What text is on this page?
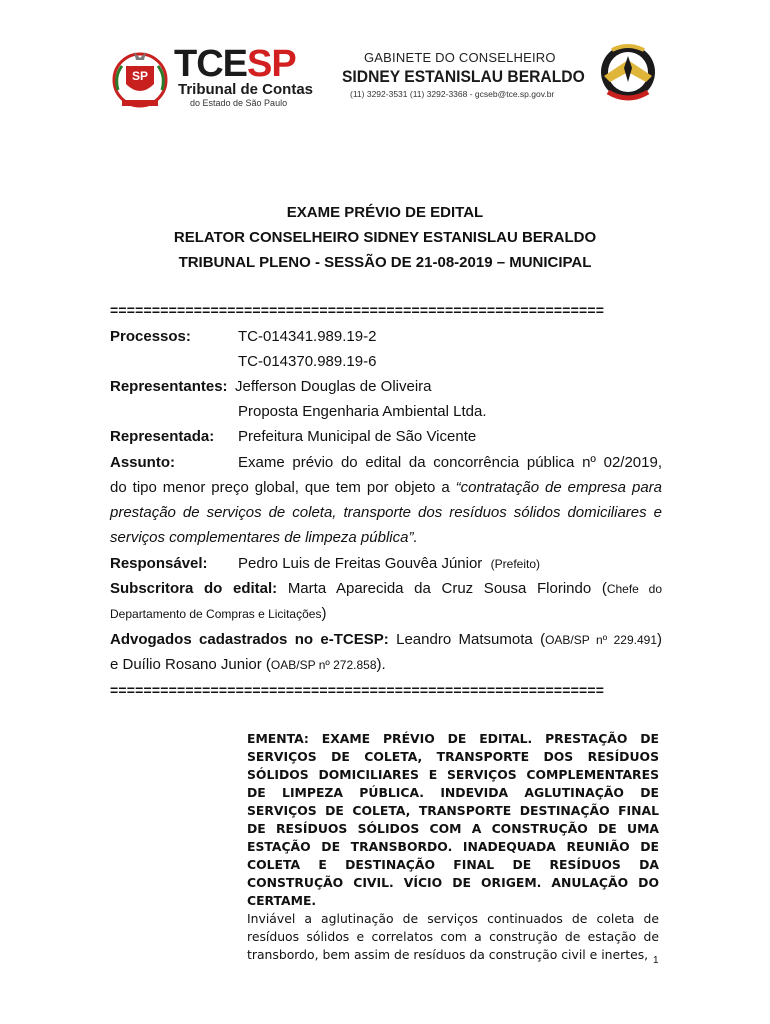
SP TCESP
Tribunal de Contas
do Estado de São Paulo
GABINETE DO CONSELHEIRO
SIDNEY ESTANISLAU BERALDO
(11) 3292-3531 (11) 3292-3368 - gcseb@tce.sp.gov.br
EXAME PRÉVIO DE EDITAL
RELATOR CONSELHEIRO SIDNEY ESTANISLAU BERALDO
TRIBUNAL PLENO - SESSÃO DE 21-08-2019 – MUNICIPAL
===========================================================
Processos:	TC-014341.989.19-2
TC-014370.989.19-6
Representantes: Jefferson Douglas de Oliveira
Proposta Engenharia Ambiental Ltda.
Representada: Prefeitura Municipal de São Vicente
Assunto:	Exame prévio do edital da concorrência pública nº 02/2019,
do tipo menor preço global, que tem por objeto a “contratação de empresa para
prestação de serviços de coleta, transporte dos resíduos sólidos domiciliares e
serviços complementares de limpeza pública”.
Responsável: Pedro Luis de Freitas Gouvêa Júnior (Prefeito)
Subscritora do edital: Marta Aparecida da Cruz Sousa Florindo (Chefe do
Departamento de Compras e Licitações)
Advogados cadastrados no e-TCESP: Leandro Matsumota (OAB/SP nº 229.491)
e Duílio Rosano Junior (OAB/SP nº 272.858).
===========================================================
EMENTA: EXAME PRÉVIO DE EDITAL. PRESTAÇÃO DE SERVIÇOS DE COLETA, TRANSPORTE DOS RESÍDUOS SÓLIDOS DOMICILIARES E SERVIÇOS COMPLEMENTARES DE LIMPEZA PÚBLICA. INDEVIDA AGLUTINAÇÃO DE SERVIÇOS DE COLETA, TRANSPORTE DESTINAÇÃO FINAL DE RESÍDUOS SÓLIDOS COM A CONSTRUÇÃO DE UMA ESTAÇÃO DE TRANSBORDO. INADEQUADA REUNIÃO DE COLETA E DESTINAÇÃO FINAL DE RESÍDUOS DA CONSTRUÇÃO CIVIL. VÍCIO DE ORIGEM. ANULAÇÃO DO CERTAME.
Inviável a aglutinação de serviços continuados de coleta de resíduos sólidos e correlatos com a construção de estação de transbordo, bem assim de resíduos da construção civil e inertes, 1
